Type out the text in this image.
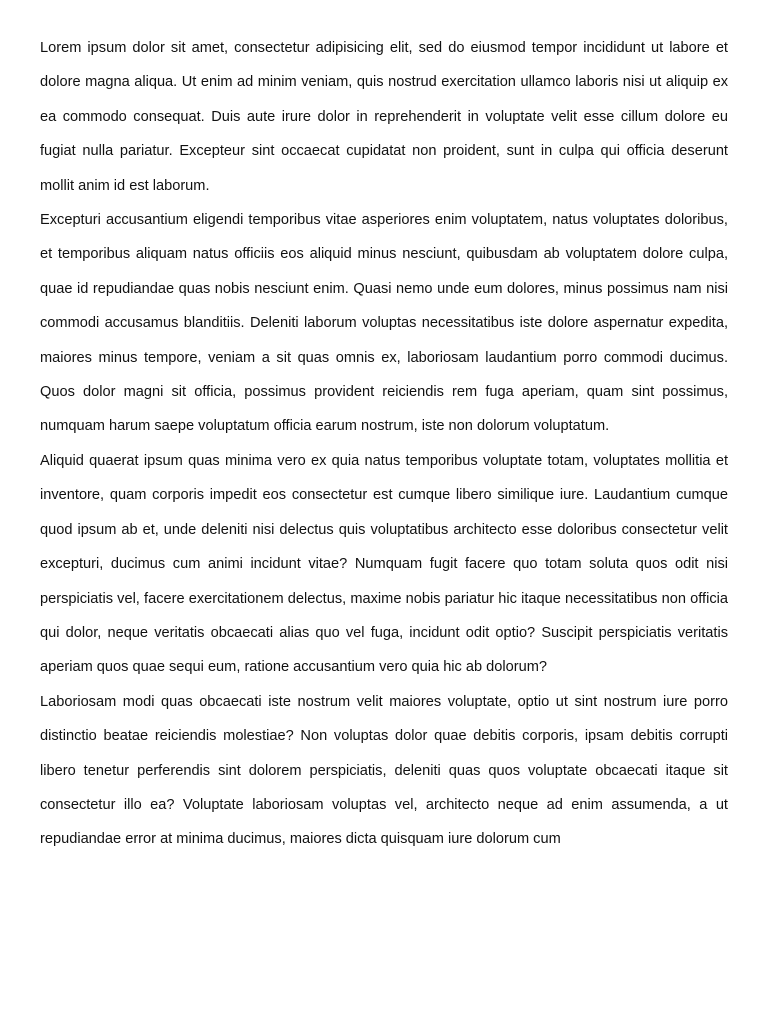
Lorem ipsum dolor sit amet, consectetur adipisicing elit, sed do eiusmod tempor incididunt ut labore et dolore magna aliqua. Ut enim ad minim veniam, quis nostrud exercitation ullamco laboris nisi ut aliquip ex ea commodo consequat. Duis aute irure dolor in reprehenderit in voluptate velit esse cillum dolore eu fugiat nulla pariatur. Excepteur sint occaecat cupidatat non proident, sunt in culpa qui officia deserunt mollit anim id est laborum.

Excepturi accusantium eligendi temporibus vitae asperiores enim voluptatem, natus voluptates doloribus, et temporibus aliquam natus officiis eos aliquid minus nesciunt, quibusdam ab voluptatem dolore culpa, quae id repudiandae quas nobis nesciunt enim. Quasi nemo unde eum dolores, minus possimus nam nisi commodi accusamus blanditiis. Deleniti laborum voluptas necessitatibus iste dolore aspernatur expedita, maiores minus tempore, veniam a sit quas omnis ex, laboriosam laudantium porro commodi ducimus. Quos dolor magni sit officia, possimus provident reiciendis rem fuga aperiam, quam sint possimus, numquam harum saepe voluptatum officia earum nostrum, iste non dolorum voluptatum.

Aliquid quaerat ipsum quas minima vero ex quia natus temporibus voluptate totam, voluptates mollitia et inventore, quam corporis impedit eos consectetur est cumque libero similique iure. Laudantium cumque quod ipsum ab et, unde deleniti nisi delectus quis voluptatibus architecto esse doloribus consectetur velit excepturi, ducimus cum animi incidunt vitae? Numquam fugit facere quo totam soluta quos odit nisi perspiciatis vel, facere exercitationem delectus, maxime nobis pariatur hic itaque necessitatibus non officia qui dolor, neque veritatis obcaecati alias quo vel fuga, incidunt odit optio? Suscipit perspiciatis veritatis aperiam quos quae sequi eum, ratione accusantium vero quia hic ab dolorum?

Laboriosam modi quas obcaecati iste nostrum velit maiores voluptate, optio ut sint nostrum iure porro distinctio beatae reiciendis molestiae? Non voluptas dolor quae debitis corporis, ipsam debitis corrupti libero tenetur perferendis sint dolorem perspiciatis, deleniti quas quos voluptate obcaecati itaque sit consectetur illo ea? Voluptate laboriosam voluptas vel, architecto neque ad enim assumenda, a ut repudiandae error at minima ducimus, maiores dicta quisquam iure dolorum cum
